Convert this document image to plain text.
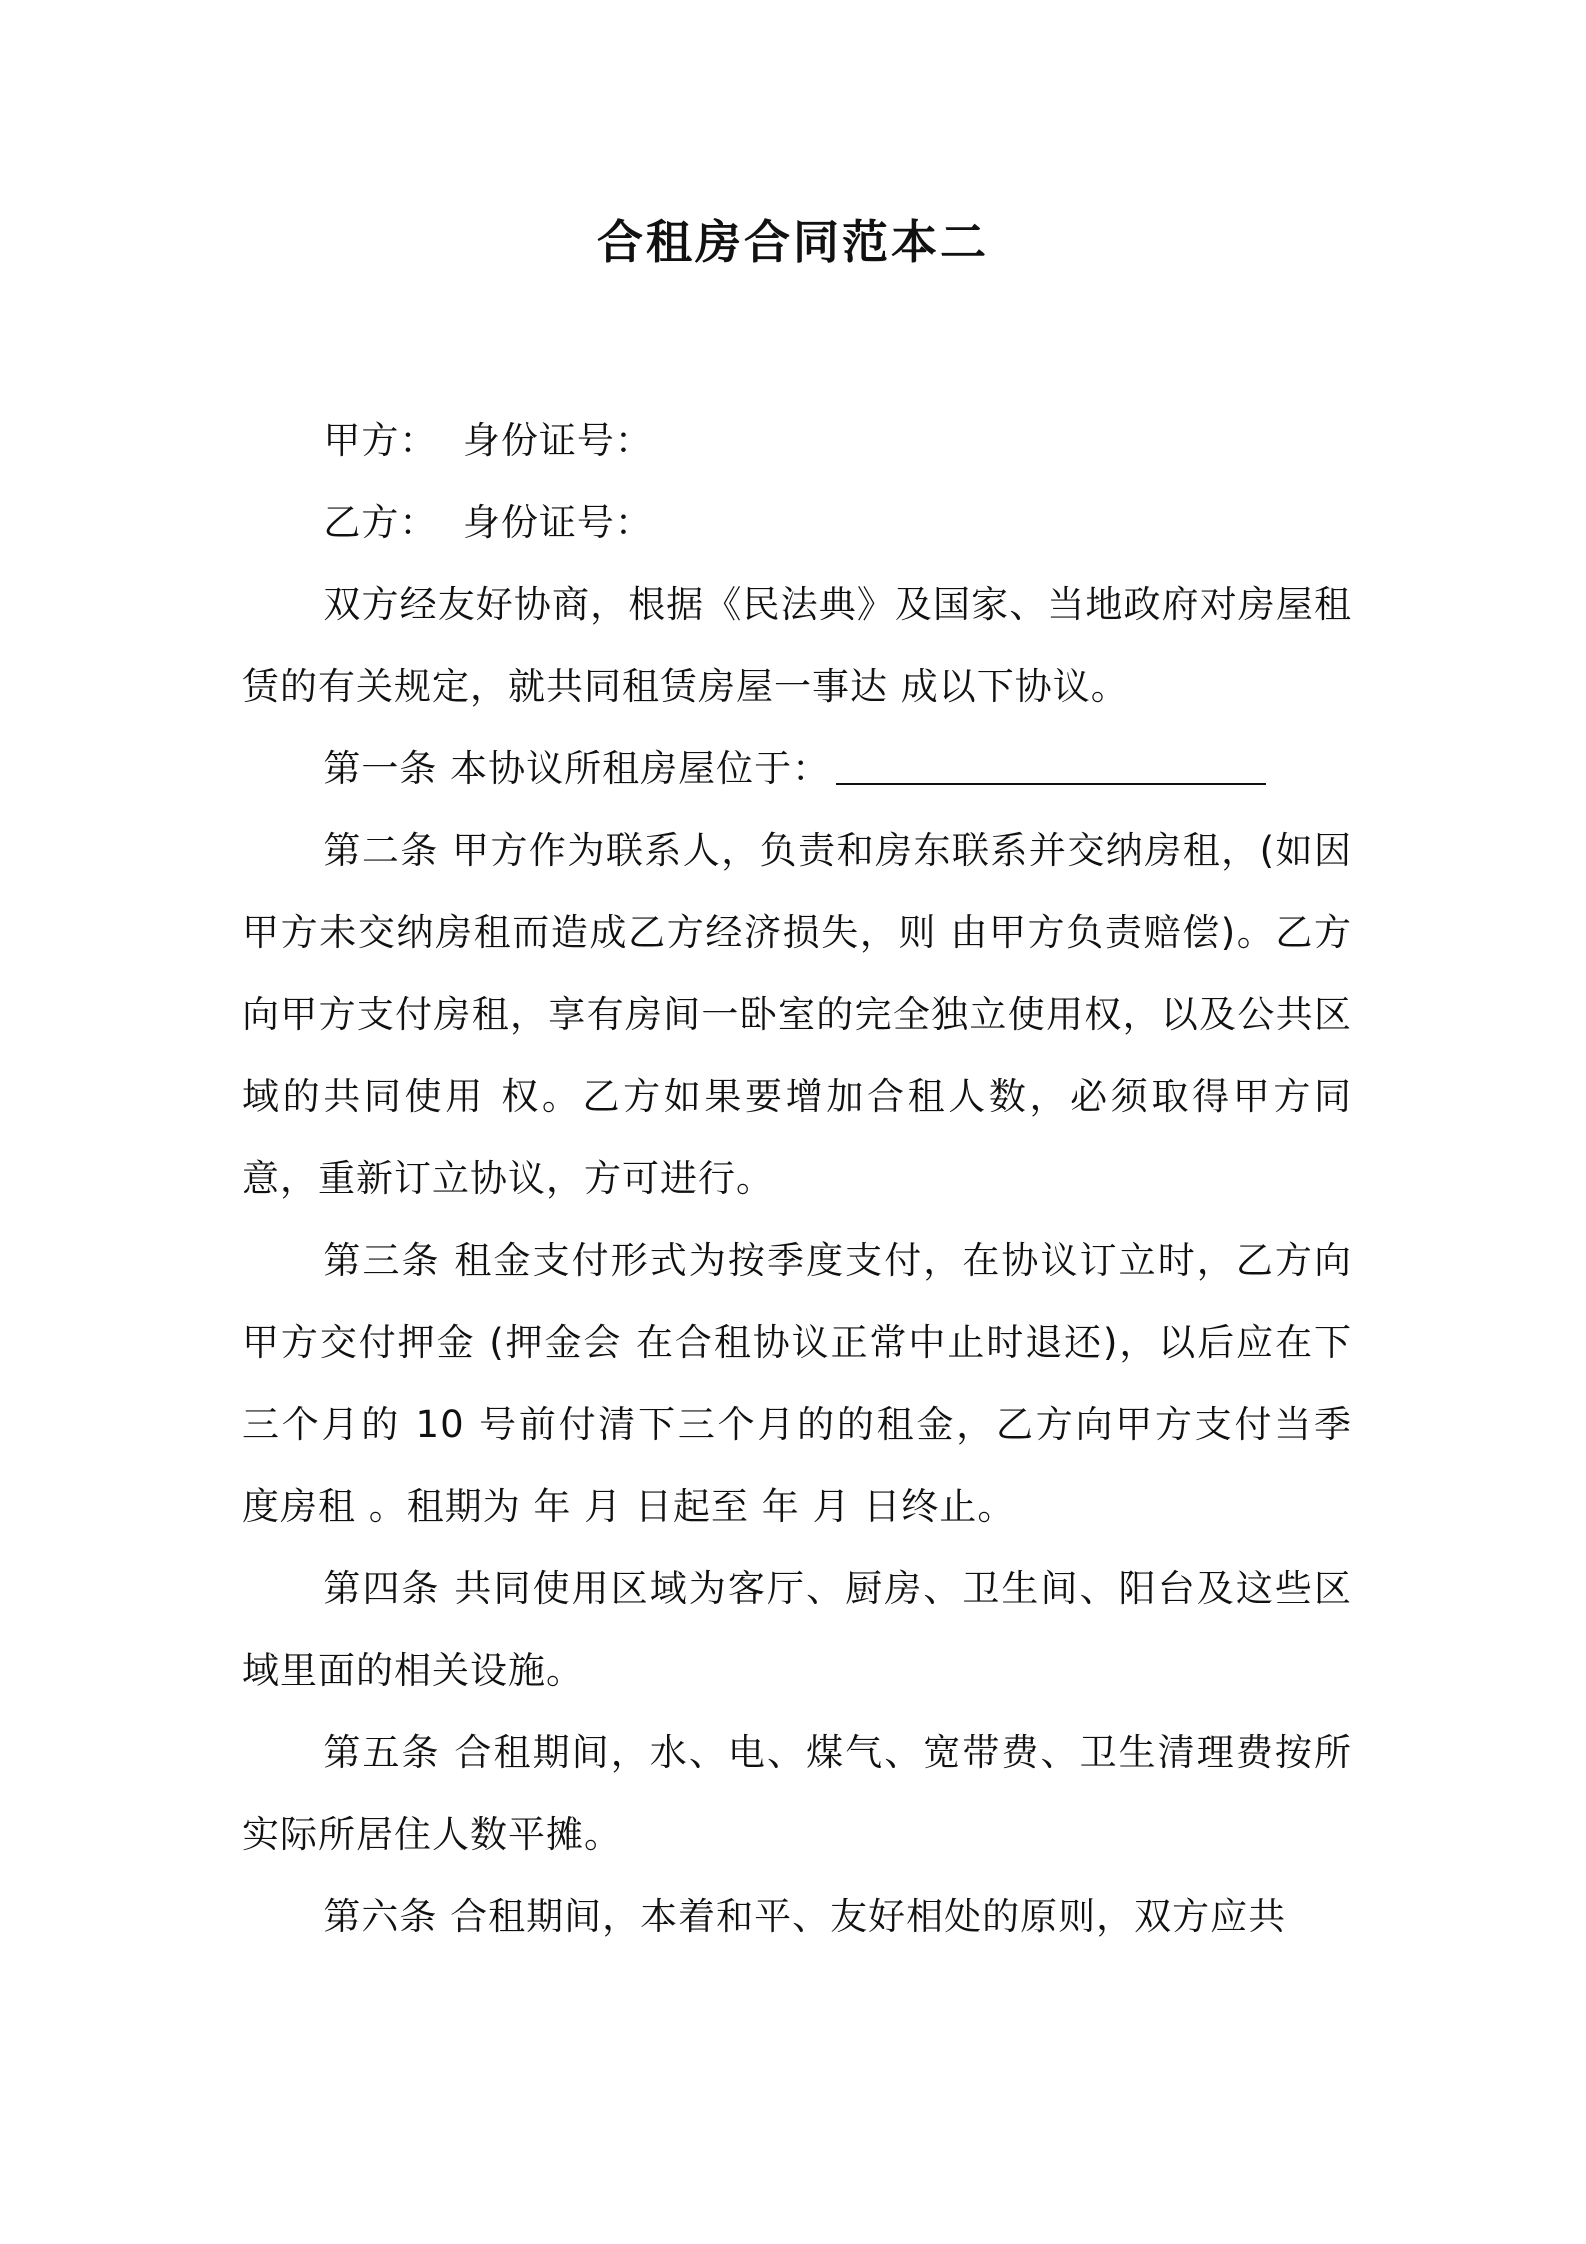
合租房合同范本二

甲方：  身份证号：

乙方：  身份证号：

双方经友好协商，根据《民法典》及国家、当地政府对房屋租赁的有关规定，就共同租赁房屋一事达 成以下协议。

第一条 本协议所租房屋位于：

第二条 甲方作为联系人，负责和房东联系并交纳房租，(如因甲方未交纳房租而造成乙方经济损失，则 由甲方负责赔偿)。乙方向甲方支付房租，享有房间一卧室的完全独立使用权，以及公共区域的共同使用 权。乙方如果要增加合租人数，必须取得甲方同意，重新订立协议，方可进行。

第三条 租金支付形式为按季度支付，在协议订立时，乙方向甲方交付押金 (押金会 在合租协议正常中止时退还)，以后应在下三个月的 10 号前付清下三个月的的租金，乙方向甲方支付当季 度房租 。租期为 年 月 日起至 年 月 日终止。

第四条 共同使用区域为客厅、厨房、卫生间、阳台及这些区域里面的相关设施。

第五条 合租期间，水、电、煤气、宽带费、卫生清理费按所实际所居住人数平摊。

第六条 合租期间，本着和平、友好相处的原则，双方应共
